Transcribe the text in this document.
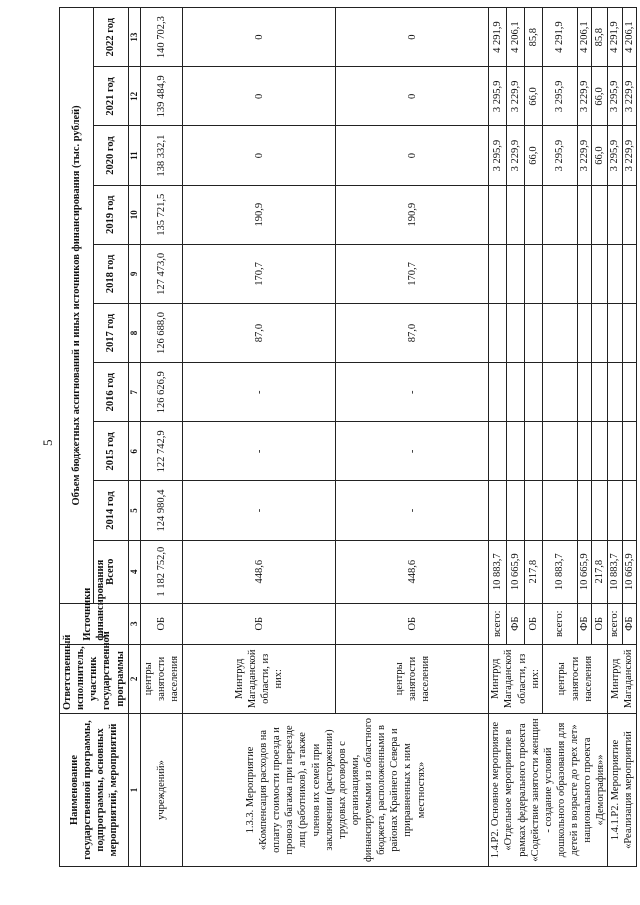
5
Наименование государственной программы, подпрограммы, основных мероприятий, мероприятий	Ответственный исполнитель, участник государственной программы	Источники финансирования	Объем бюджетных ассигнований и иных источников финансирования (тыс. рублей)									
			Всего	2014 год	2015 год	2016 год	2017 год	2018 год	2019 год	2020 год	2021 год	2022 год
1	2	3	4	5	6	7	8	9	10	11	12	13
учреждений»	центры занятости населения	ОБ	1 182 752,0	124 980,4	122 742,9	126 626,9	126 688,0	127 473,0	135 721,5	138 332,1	139 484,9	140 702,3
1.3.3. Мероприятие «Компенсация расходов на оплату стоимости проезда и провоза багажа при переезде лиц (работников), а также членов их семей при заключении (расторжении) трудовых договоров с организациями, финансируемыми из областного бюджета, расположенными в районах Крайнего Севера и приравненных к ним местностях»	Минтруд Магаданской области, из них:	ОБ	448,6	-	-	-	87,0	170,7	190,9	0	0	0
	центры занятости населения	ОБ	448,6	-	-	-	87,0	170,7	190,9	0	0	0
1.4.Р2. Основное мероприятие «Отдельное мероприятие в рамках федерального проекта «Содействие занятости женщин - создание условий дошкольного образования для детей в возрасте до трех лет» национального проекта «Демография»»	Минтруд Магаданской области, из них:	всего:	10 883,7							3 295,9	3 295,9	4 291,9
		ФБ	10 665,9							3 229,9	3 229,9	4 206,1
		ОБ	217,8							66,0	66,0	85,8
	центры занятости населения	всего:	10 883,7							3 295,9	3 295,9	4 291,9
		ФБ	10 665,9							3 229,9	3 229,9	4 206,1
		ОБ	217,8							66,0	66,0	85,8
1.4.1.Р2. Мероприятие «Реализация мероприятий	Минтруд Магаданской	всего:	10 883,7							3 295,9	3 295,9	4 291,9
		ФБ	10 665,9							3 229,9	3 229,9	4 206,1
